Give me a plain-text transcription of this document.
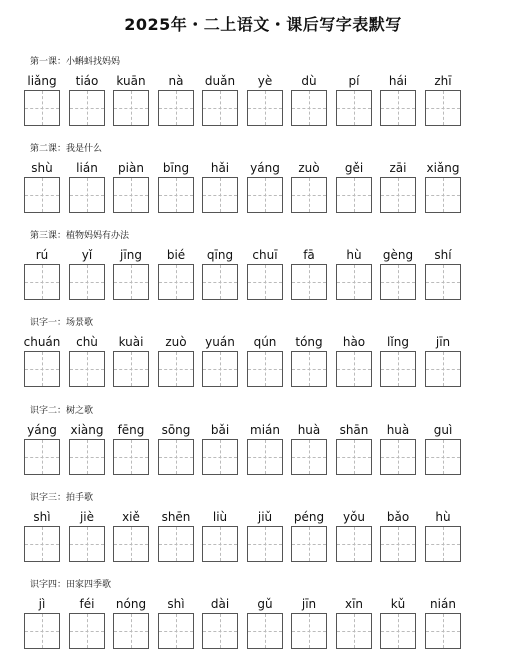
2025年・二上语文・课后写字表默写
第一课：小蝌蚪找妈妈
liǎng	tiáo	kuān	nà	duǎn	yè	dù	pí	hái	zhī
第二课：我是什么
shù	lián	piàn	bīng	hǎi	yáng	zuò	gěi	zāi	xiǎng
第三课：植物妈妈有办法
rú	yǐ	jīng	bié	qīng	chuī	fā	hù	gèng	shí
识字一：场景歌
chuán	chù	kuài	zuò	yuán	qún	tóng	hào	lǐng	jīn
识字二：树之歌
yáng	xiàng	fēng	sōng	bǎi	mián	huà	shān	huà	guì
识字三：拍手歌
shì	jiè	xiě	shēn	liù	jiǔ	péng	yǒu	bǎo	hù
识字四：田家四季歌
jì	féi	nóng	shì	dài	gǔ	jīn	xīn	kǔ	nián
